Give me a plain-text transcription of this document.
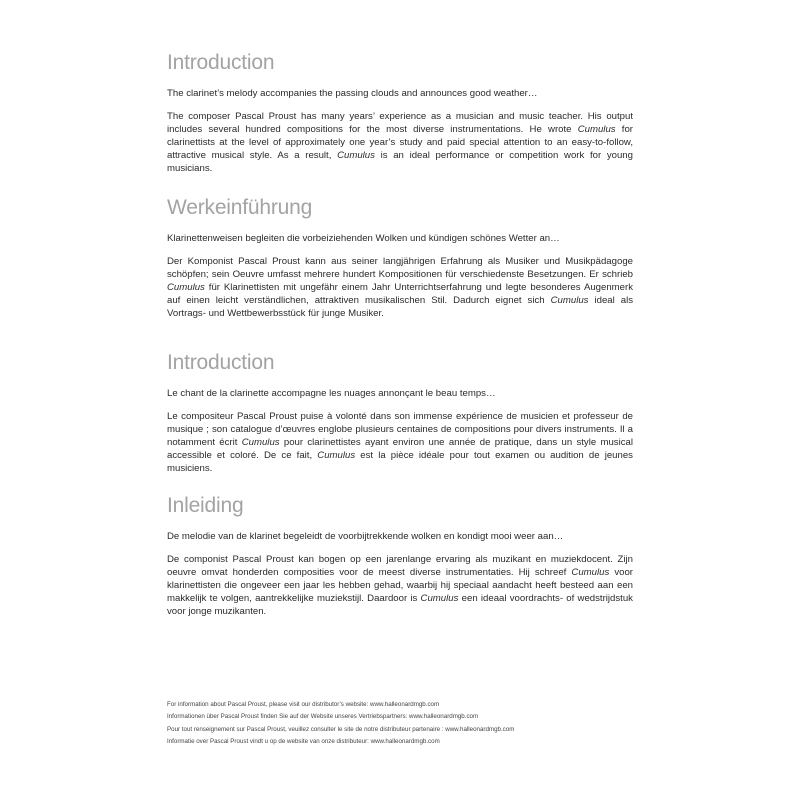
Introduction

The clarinet’s melody accompanies the passing clouds and announces good weather…

The composer Pascal Proust has many years’ experience as a musician and music teacher. His output includes several hundred compositions for the most diverse instrumentations. He wrote Cumulus for clarinettists at the level of approximately one year’s study and paid special attention to an easy-to-follow, attractive musical style. As a result, Cumulus is an ideal performance or competition work for young musicians.

Werkeinführung

Klarinettenweisen begleiten die vorbeiziehenden Wolken und kündigen schönes Wetter an…

Der Komponist Pascal Proust kann aus seiner langjährigen Erfahrung als Musiker und Musikpädagoge schöpfen; sein Oeuvre umfasst mehrere hundert Kompositionen für verschiedenste Besetzungen. Er schrieb Cumulus für Klarinettisten mit ungefähr einem Jahr Unterrichtserfahrung und legte besonderes Augenmerk auf einen leicht verständlichen, attraktiven musikalischen Stil. Dadurch eignet sich Cumulus ideal als Vortrags- und Wettbewerbsstück für junge Musiker.

Introduction

Le chant de la clarinette accompagne les nuages annonçant le beau temps…

Le compositeur Pascal Proust puise à volonté dans son immense expérience de musicien et professeur de musique ; son catalogue d’œuvres englobe plusieurs centaines de compositions pour divers instruments. Il a notamment écrit Cumulus pour clarinettistes ayant environ une année de pratique, dans un style musical accessible et coloré. De ce fait, Cumulus est la pièce idéale pour tout examen ou audition de jeunes musiciens.

Inleiding

De melodie van de klarinet begeleidt de voorbijtrekkende wolken en kondigt mooi weer aan…

De componist Pascal Proust kan bogen op een jarenlange ervaring als muzikant en muziekdocent. Zijn oeuvre omvat honderden composities voor de meest diverse instrumentaties. Hij schreef Cumulus voor klarinettisten die ongeveer een jaar les hebben gehad, waarbij hij speciaal aandacht heeft besteed aan een makkelijk te volgen, aantrekkelijke muziekstijl. Daardoor is Cumulus een ideaal voordrachts- of wedstrijdstuk voor jonge muzikanten.

For information about Pascal Proust, please visit our distributor’s website: www.halleonardmgb.com

Informationen über Pascal Proust finden Sie auf der Website unseres Vertriebspartners: www.halleonardmgb.com

Pour tout renseignement sur Pascal Proust, veuillez consulter le site de notre distributeur partenaire : www.halleonardmgb.com

Informatie over Pascal Proust vindt u op de website van onze distributeur: www.halleonardmgb.com
